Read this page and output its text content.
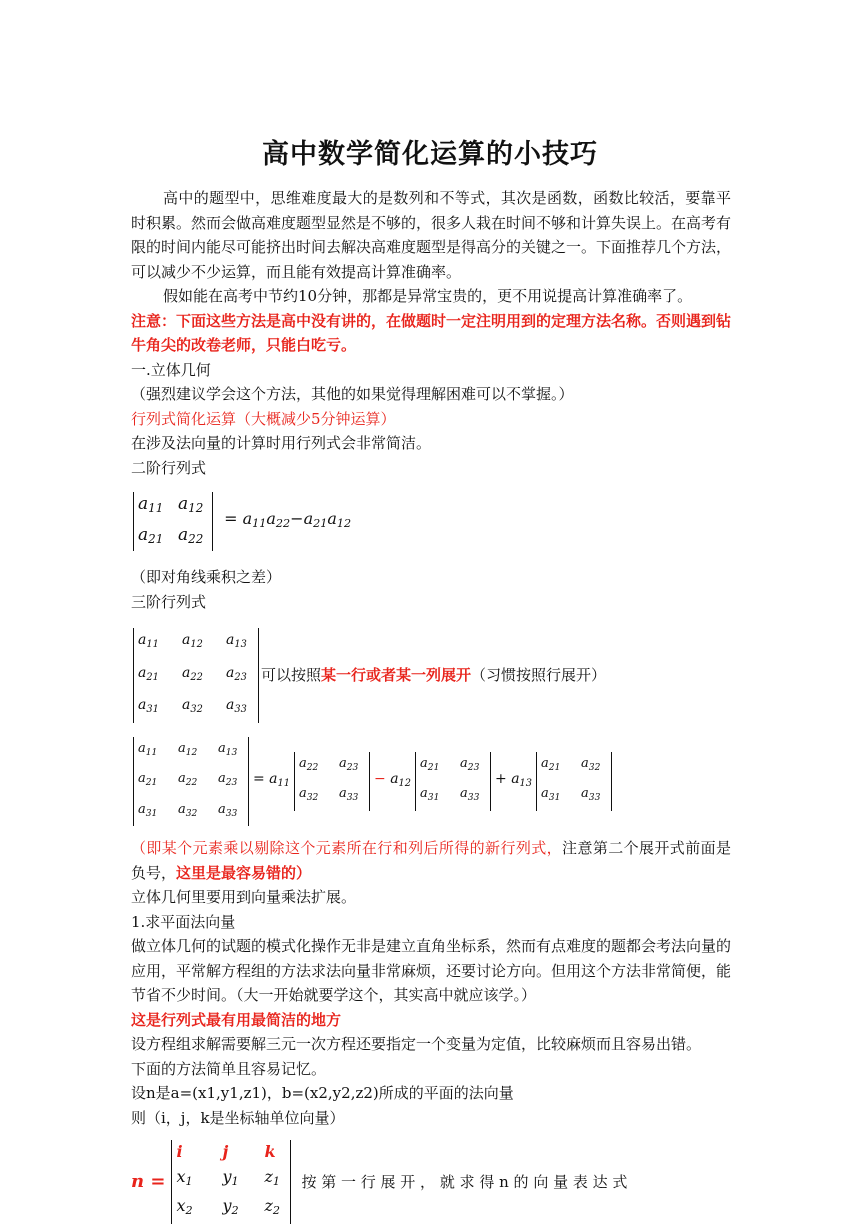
高中数学简化运算的小技巧

高中的题型中，思维难度最大的是数列和不等式，其次是函数，函数比较活，要靠平时积累。然而会做高难度题型显然是不够的，很多人栽在时间不够和计算失误上。在高考有限的时间内能尽可能挤出时间去解决高难度题型是得高分的关键之一。下面推荐几个方法，可以减少不少运算，而且能有效提高计算准确率。

假如能在高考中节约10分钟，那都是异常宝贵的，更不用说提高计算准确率了。

注意：下面这些方法是高中没有讲的，在做题时一定注明用到的定理方法名称。否则遇到钻牛角尖的改卷老师，只能白吃亏。

一.立体几何

（强烈建议学会这个方法，其他的如果觉得理解困难可以不掌握。）

行列式简化运算（大概减少5分钟运算）

在涉及法向量的计算时用行列式会非常简洁。

二阶行列式

$a_{11}$ $a_{12}$
$a_{21}$ $a_{22}$
= $a_{11}a_{22}-a_{21}a_{12}$

（即对角线乘积之差）

三阶行列式

$a_{11}$	$a_{12}$	$a_{13}$
$a_{21}$	$a_{22}$	$a_{23}$
$a_{31}$	$a_{32}$	$a_{33}$
可以按照某一行或者某一列展开（习惯按照行展开）
$a_{11}$	$a_{12}$	$a_{13}$
$a_{21}$	$a_{22}$	$a_{23}$
$a_{31}$	$a_{32}$	$a_{33}$
= $a_{11}$
$a_{22}$	$a_{23}$
$a_{32}$	$a_{33}$
− $a_{12}$
$a_{21}$	$a_{23}$
$a_{31}$	$a_{33}$
+ $a_{13}$
$a_{21}$	$a_{32}$
$a_{31}$	$a_{33}$

（即某个元素乘以剔除这个元素所在行和列后所得的新行列式，注意第二个展开式前面是负号，这里是最容易错的）

立体几何里要用到向量乘法扩展。

1.求平面法向量

做立体几何的试题的模式化操作无非是建立直角坐标系，然而有点难度的题都会考法向量的应用，平常解方程组的方法求法向量非常麻烦，还要讨论方向。但用这个方法非常简便，能节省不少时间。（大一开始就要学这个，其实高中就应该学。）

这是行列式最有用最简洁的地方

设方程组求解需要解三元一次方程还要指定一个变量为定值，比较麻烦而且容易出错。

下面的方法简单且容易记忆。

设n是a=(x1,y1,z1)，b=(x2,y2,z2)所成的平面的法向量

则（i，j，k是坐标轴单位向量）

n =
i	j	k
$x_1$	$y_1$	$z_1$
$x_2$	$y_2$	$z_2$
按 第 一 行 展 开 ， 就 求 得 n 的 向 量 表 达 式
